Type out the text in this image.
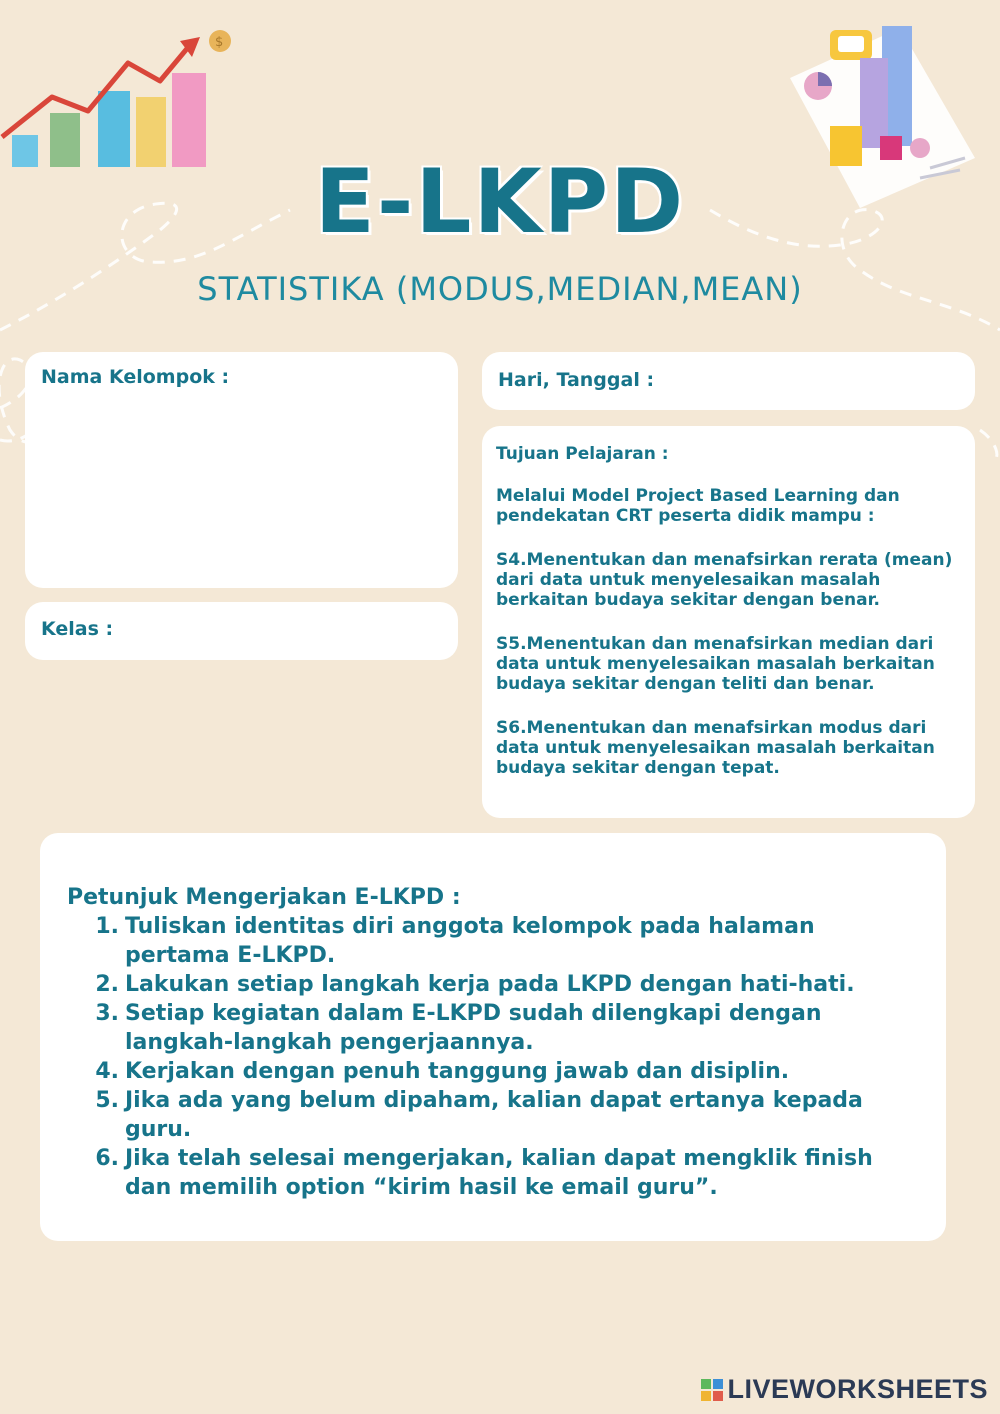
$
E-LKPD
STATISTIKA (MODUS,MEDIAN,MEAN)
Nama Kelompok :
Kelas :
Hari, Tanggal :
Tujuan Pelajaran :

Melalui Model Project Based Learning dan pendekatan CRT peserta didik mampu :

S4.Menentukan dan menafsirkan rerata (mean) dari data untuk menyelesaikan masalah berkaitan budaya sekitar dengan benar.

S5.Menentukan dan menafsirkan median dari data untuk menyelesaikan masalah berkaitan budaya sekitar dengan teliti dan benar.

S6.Menentukan dan menafsirkan modus dari data untuk menyelesaikan masalah berkaitan budaya sekitar dengan tepat.

Petunjuk Mengerjakan E-LKPD :
1. Tuliskan identitas diri anggota kelompok pada halaman pertama E-LKPD.
2. Lakukan setiap langkah kerja pada LKPD dengan hati-hati.
3. Setiap kegiatan dalam E-LKPD sudah dilengkapi dengan langkah-langkah pengerjaannya.
4. Kerjakan dengan penuh tanggung jawab dan disiplin.
5. Jika ada yang belum dipaham, kalian dapat ertanya kepada guru.
6. Jika telah selesai mengerjakan, kalian dapat mengklik finish dan memilih option “kirim hasil ke email guru”.
LIVEWORKSHEETS
